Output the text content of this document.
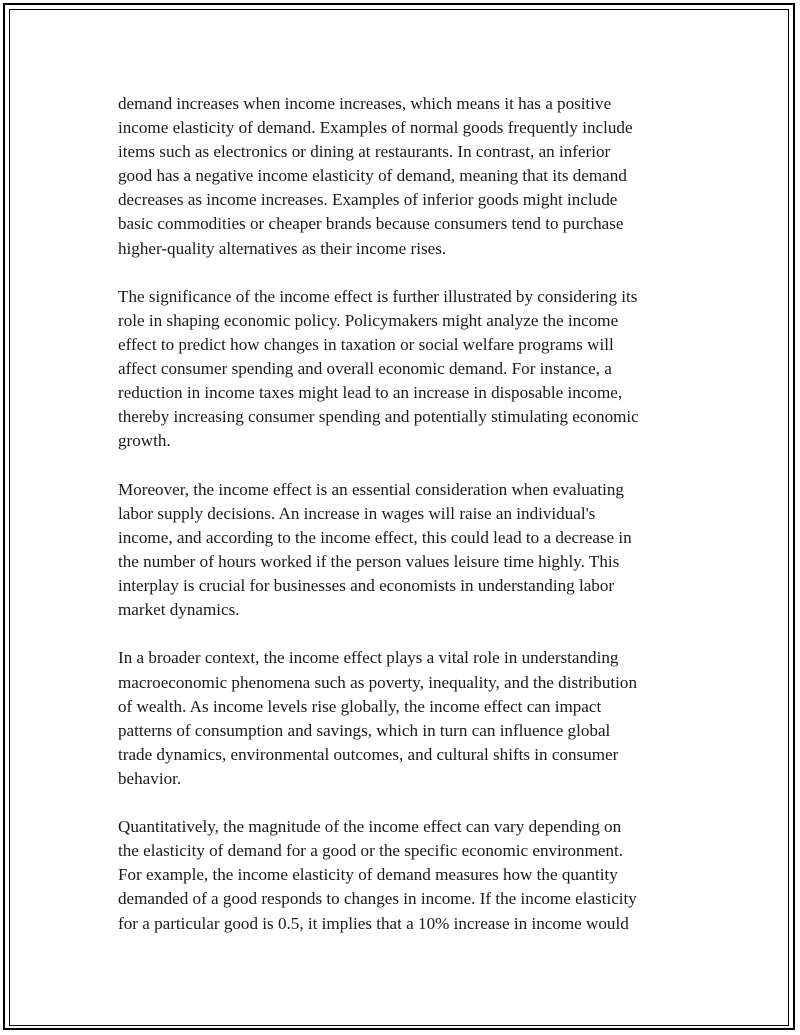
demand increases when income increases, which means it has a positive
income elasticity of demand. Examples of normal goods frequently include
items such as electronics or dining at restaurants. In contrast, an inferior
good has a negative income elasticity of demand, meaning that its demand
decreases as income increases. Examples of inferior goods might include
basic commodities or cheaper brands because consumers tend to purchase
higher-quality alternatives as their income rises.

The significance of the income effect is further illustrated by considering its
role in shaping economic policy. Policymakers might analyze the income
effect to predict how changes in taxation or social welfare programs will
affect consumer spending and overall economic demand. For instance, a
reduction in income taxes might lead to an increase in disposable income,
thereby increasing consumer spending and potentially stimulating economic
growth.

Moreover, the income effect is an essential consideration when evaluating
labor supply decisions. An increase in wages will raise an individual's
income, and according to the income effect, this could lead to a decrease in
the number of hours worked if the person values leisure time highly. This
interplay is crucial for businesses and economists in understanding labor
market dynamics.

In a broader context, the income effect plays a vital role in understanding
macroeconomic phenomena such as poverty, inequality, and the distribution
of wealth. As income levels rise globally, the income effect can impact
patterns of consumption and savings, which in turn can influence global
trade dynamics, environmental outcomes, and cultural shifts in consumer
behavior.

Quantitatively, the magnitude of the income effect can vary depending on
the elasticity of demand for a good or the specific economic environment.
For example, the income elasticity of demand measures how the quantity
demanded of a good responds to changes in income. If the income elasticity
for a particular good is 0.5, it implies that a 10% increase in income would
